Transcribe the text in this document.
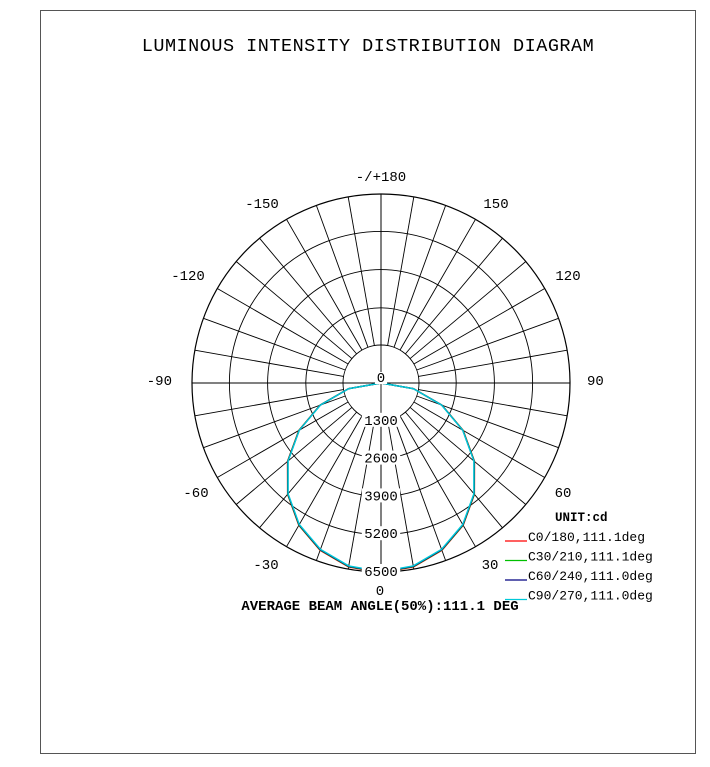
LUMINOUS INTENSITY DISTRIBUTION DIAGRAM
0
30
-30
60
-60
90
-90
120
-120
150
-150
-/+180
0
1300
2600
3900
5200
6500
UNIT:cd
C0/180,111.1deg
C30/210,111.1deg
C60/240,111.0deg
C90/270,111.0deg
AVERAGE BEAM ANGLE(50%):111.1 DEG
